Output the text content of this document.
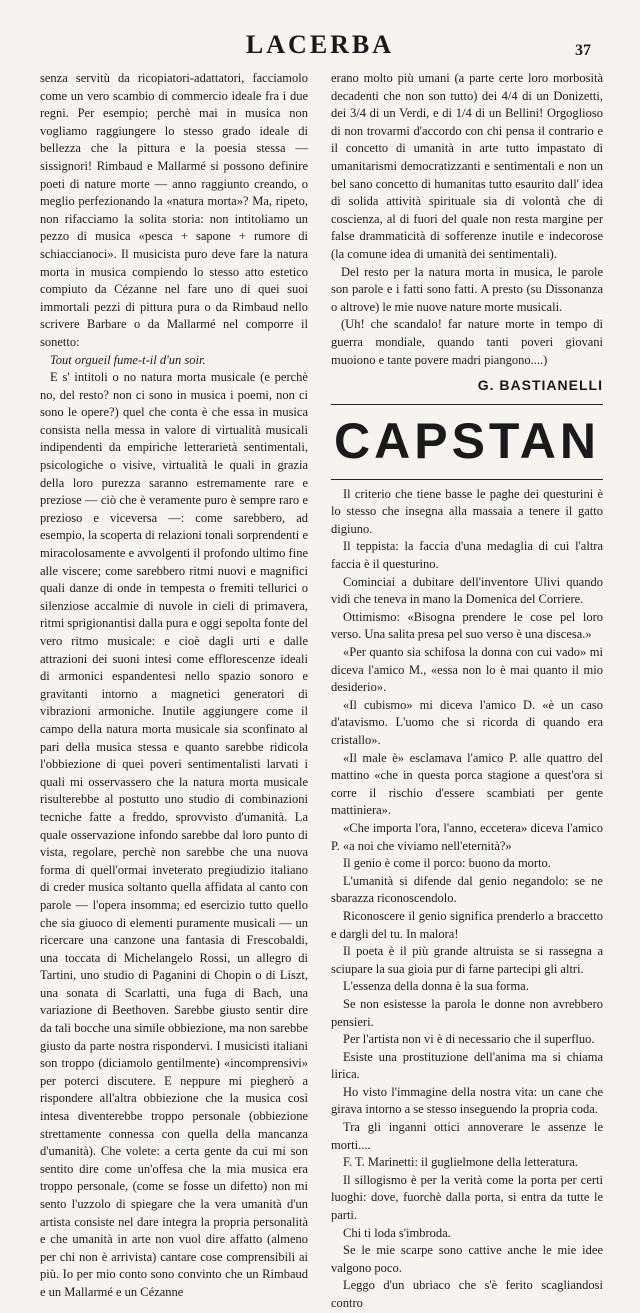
LACERBA	37

senza servitù da ricopiatori-adattatori, facciamolo come un vero scambio di commercio ideale fra i due regni. Per esempio; perchè mai in musica non vogliamo raggiungere lo stesso grado ideale di bellezza che la pittura e la poesia stessa — sissignori! Rimbaud e Mallarmé si possono definire poeti di nature morte — anno raggiunto creando, o meglio perfezionando la «natura morta»? Ma, ripeto, non rifacciamo la solita storia: non intitoliamo un pezzo di musica «pesca + sapone + rumore di schiaccianoci». Il musicista puro deve fare la natura morta in musica compiendo lo stesso atto estetico compiuto da Cézanne nel fare uno di quei suoi immortali pezzi di pittura pura o da Rimbaud nello scrivere Barbare o da Mallarmé nel comporre il sonetto:

Tout orgueil fume-t-il d'un soir.

E s' intitoli o no natura morta musicale (e perchè no, del resto? non ci sono in musica i poemi, non ci sono le opere?) quel che conta è che essa in musica consista nella messa in valore di virtualità musicali indipendenti da empiriche letterarietà sentimentali, psicologiche o visive, virtualità le quali in grazia della loro purezza saranno estremamente rare e preziose — ciò che è veramente puro è sempre raro e prezioso e viceversa —: come sarebbero, ad esempio, la scoperta di relazioni tonali sorprendenti e miracolosamente e avvolgenti il profondo ultimo fine alle viscere; come sarebbero ritmi nuovi e magnifici quali danze di onde in tempesta o fremiti tellurici o silenziose accalmie di nuvole in cieli di primavera, ritmi sprigionantisi dalla pura e oggi sepolta fonte del vero ritmo musicale: e cioè dagli urti e dalle attrazioni dei suoni intesi come efflorescenze ideali di armonici espandentesi nello spazio sonoro e gravitanti intorno a magnetici generatori di vibrazioni armoniche. Inutile aggiungere come il campo della natura morta musicale sia sconfinato al pari della musica stessa e quanto sarebbe ridicola l'obbiezione di quei poveri sentimentalisti larvati i quali mi osservassero che la natura morta musicale risulterebbe al postutto uno studio di combinazioni tecniche fatte a freddo, sprovvisto d'umanità. La quale osservazione infondo sarebbe dal loro punto di vista, regolare, perchè non sarebbe che una nuova forma di quell'ormai inveterato pregiudizio italiano di creder musica soltanto quella affidata al canto con parole — l'opera insomma; ed esercizio tutto quello che sia giuoco di elementi puramente musicali — un ricercare una canzone una fantasia di Frescobaldi, una toccata di Michelangelo Rossi, un allegro di Tartini, uno studio di Paganini di Chopin o di Liszt, una sonata di Scarlatti, una fuga di Bach, una variazione di Beethoven. Sarebbe giusto sentir dire da tali bocche una simile obbiezione, ma non sarebbe giusto da parte nostra rispondervi. I musicisti italiani son troppo (diciamolo gentilmente) «incomprensivi» per poterci discutere. E neppure mi piegherò a rispondere all'altra obbiezione che la musica così intesa diventerebbe troppo personale (obbiezione strettamente connessa con quella della mancanza d'umanità). Che volete: a certa gente da cui mi son sentito dire come un'offesa che la mia musica era troppo personale, (come se fosse un difetto) non mi sento l'uzzolo di spiegare che la vera umanità d'un artista consiste nel dare integra la propria personalità e che umanità in arte non vuol dire affatto (almeno per chi non è arrivista) cantare cose comprensibili ai più. Io per mio conto sono convinto che un Rimbaud e un Mallarmé e un Cézanne

erano molto più umani (a parte certe loro morbosità decadenti che non son tutto) dei 4/4 di un Donizetti, dei 3/4 di un Verdi, e di 1/4 di un Bellini! Orgoglioso di non trovarmi d'accordo con chi pensa il contrario e il concetto di umanità in arte tutto impastato di umanitarismi democratizzanti e sentimentali e non un bel sano concetto di humanitas tutto esaurito dall' idea di solida attività spirituale sia di volontà che di coscienza, al di fuori del quale non resta margine per false drammaticità di sofferenze inutile e indecorose (la comune idea di umanità dei sentimentali).

Del resto per la natura morta in musica, le parole son parole e i fatti sono fatti. A presto (su Dissonanza o altrove) le mie nuove nature morte musicali.

(Uh! che scandalo! far nature morte in tempo di guerra mondiale, quando tanti poveri giovani muoiono e tante povere madri piangono....)

G. BASTIANELLI
CAPSTAN

Il criterio che tiene basse le paghe dei questurini è lo stesso che insegna alla massaia a tenere il gatto digiuno.

Il teppista: la faccia d'una medaglia di cui l'altra faccia è il questurino.

Cominciai a dubitare dell'inventore Ulivi quando vidi che teneva in mano la Domenica del Corriere.

Ottimismo: «Bisogna prendere le cose pel loro verso. Una salita presa pel suo verso è una discesa.»

«Per quanto sia schifosa la donna con cui vado» mi diceva l'amico M., «essa non lo è mai quanto il mio desiderio».

«Il cubismo» mi diceva l'amico D. «è un caso d'atavismo. L'uomo che si ricorda di quando era cristallo».

«Il male è» esclamava l'amico P. alle quattro del mattino «che in questa porca stagione a quest'ora si corre il rischio d'essere scambiati per gente mattiniera».

«Che importa l'ora, l'anno, eccetera» diceva l'amico P. «a noi che viviamo nell'eternità?»

Il genio è come il porco: buono da morto.

L'umanità si difende dal genio negandolo: se ne sbarazza riconoscendolo.

Riconoscere il genio significa prenderlo a braccetto e dargli del tu. In malora!

Il poeta è il più grande altruista se si rassegna a sciupare la sua gioia pur di farne partecipi gli altri.

L'essenza della donna è la sua forma.

Se non esistesse la parola le donne non avrebbero pensieri.

Per l'artista non vi è di necessario che il superfluo.

Esiste una prostituzione dell'anima ma si chiama lirica.

Ho visto l'immagine della nostra vita: un cane che girava intorno a se stesso inseguendo la propria coda.

Tra gli inganni ottici annoverare le assenze le morti....

F. T. Marinetti: il guglielmone della letteratura.

Il sillogismo è per la verità come la porta per certi luoghi: dove, fuorchè dalla porta, si entra da tutte le parti.

Chi ti loda s'imbroda.

Se le mie scarpe sono cattive anche le mie idee valgono poco.

Leggo d'un ubriaco che s'è ferito scagliandosi contro
